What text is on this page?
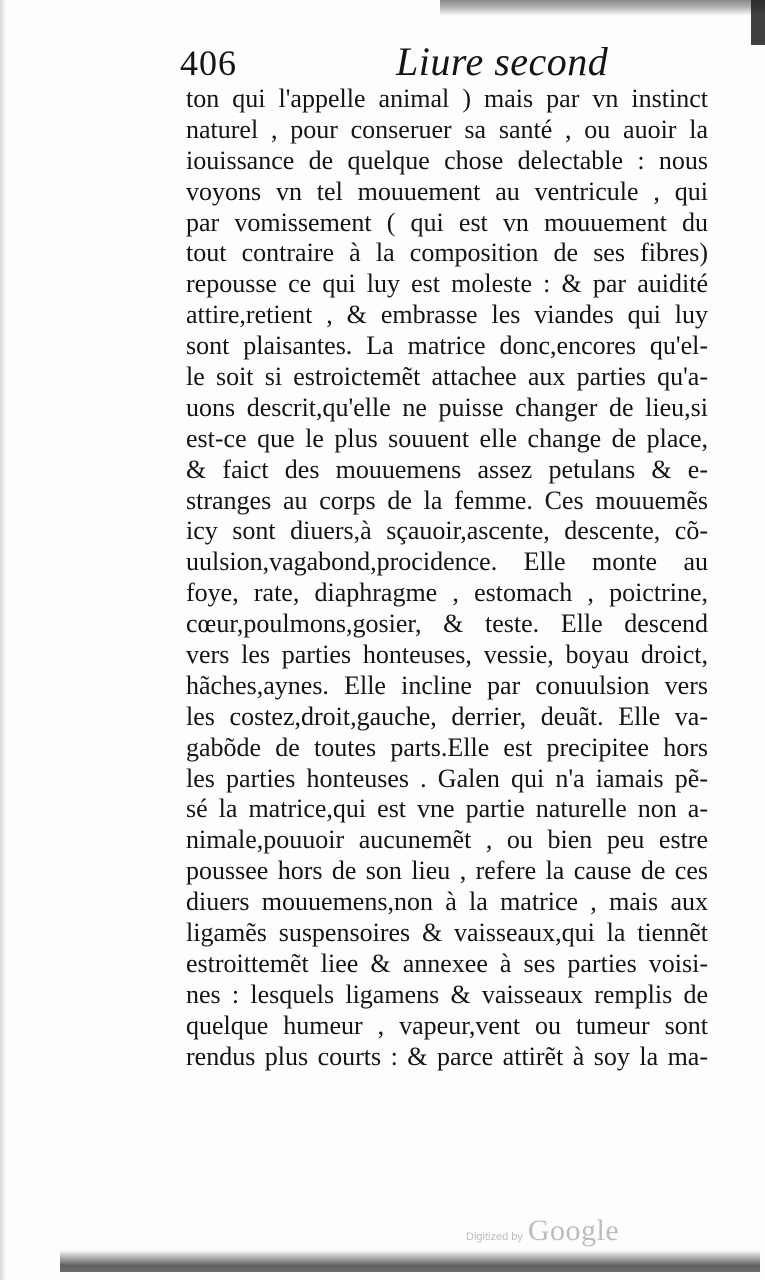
406	Liure second
ton qui l'appelle animal ) mais par vn instinct
naturel , pour conseruer sa santé , ou auoir la
iouissance de quelque chose delectable : nous
voyons vn tel mouuement au ventricule , qui
par vomissement ( qui est vn mouuement du
tout contraire à la composition de ses fibres)
repousse ce qui luy est moleste : & par auidité
attire,retient , & embrasse les viandes qui luy
sont plaisantes. La matrice donc,encores qu'el-
le soit si estroictemẽt attachee aux parties qu'a-
uons descrit,qu'elle ne puisse changer de lieu,si
est-ce que le plus souuent elle change de place,
& faict des mouuemens assez petulans & e-
stranges au corps de la femme. Ces mouuemẽs
icy sont diuers,à sçauoir,ascente, descente, cõ-
uulsion,vagabond,procidence. Elle monte au
foye, rate, diaphragme , estomach , poictrine,
cœur,poulmons,gosier, & teste. Elle descend
vers les parties honteuses, vessie, boyau droict,
hãches,aynes. Elle incline par conuulsion vers
les costez,droit,gauche, derrier, deuãt. Elle va-
gabõde de toutes parts.Elle est precipitee hors
les parties honteuses . Galen qui n'a iamais pẽ-
sé la matrice,qui est vne partie naturelle non a-
nimale,pouuoir aucunemẽt , ou bien peu estre
poussee hors de son lieu , refere la cause de ces
diuers mouuemens,non à la matrice , mais aux
ligamẽs suspensoires & vaisseaux,qui la tiennẽt
estroittemẽt liee & annexee à ses parties voisi-
nes : lesquels ligamens & vaisseaux remplis de
quelque humeur , vapeur,vent ou tumeur sont
rendus plus courts : & parce attirẽt à soy la ma-
Digitized by Google
